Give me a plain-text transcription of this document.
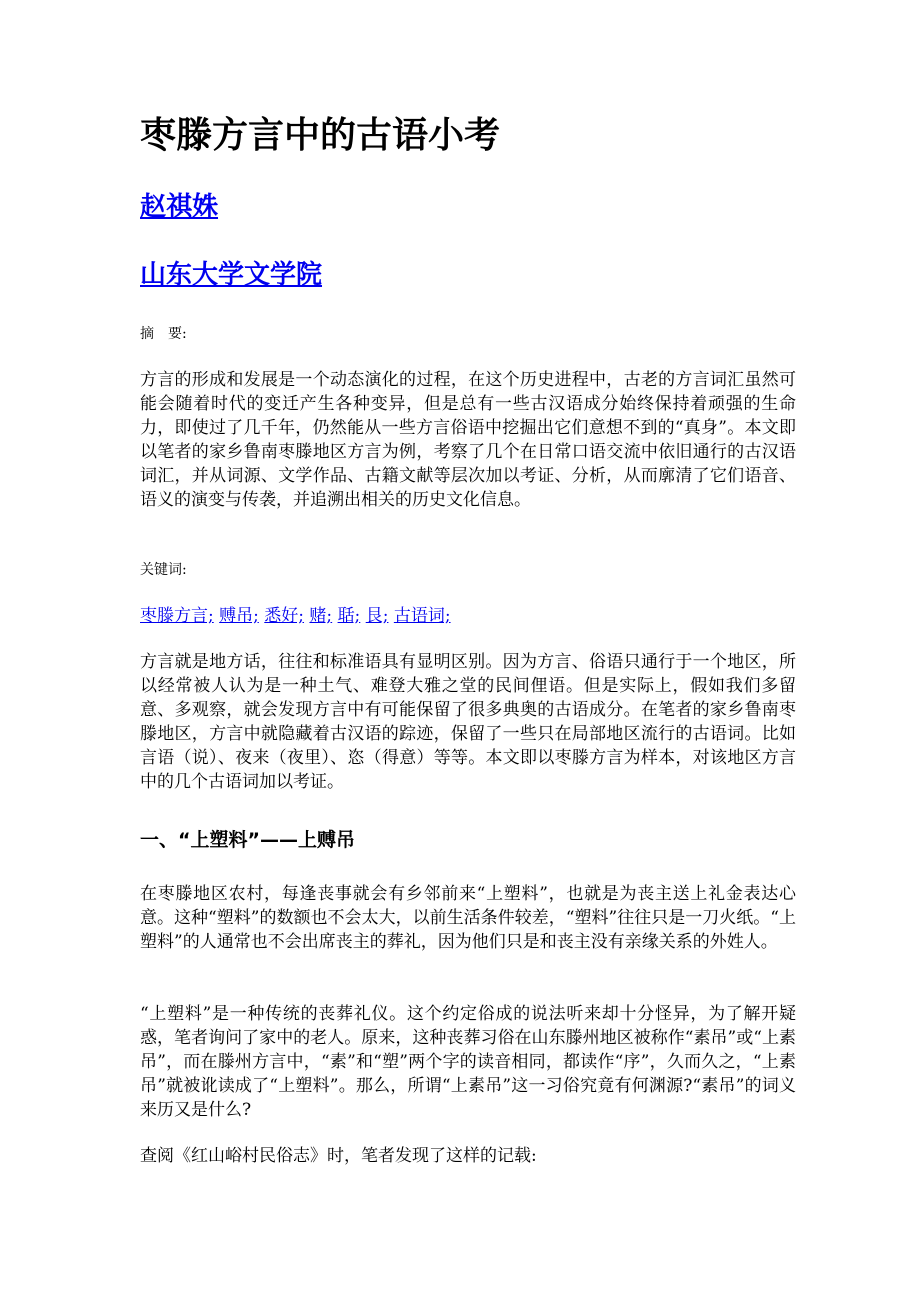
枣滕方言中的古语小考
赵祺姝
山东大学文学院
摘　要:

方言的形成和发展是一个动态演化的过程，在这个历史进程中，古老的方言词汇虽然可能会随着时代的变迁产生各种变异，但是总有一些古汉语成分始终保持着顽强的生命力，即使过了几千年，仍然能从一些方言俗语中挖掘出它们意想不到的“真身”。本文即以笔者的家乡鲁南枣滕地区方言为例，考察了几个在日常口语交流中依旧通行的古汉语词汇，并从词源、文学作品、古籍文献等层次加以考证、分析，从而廓清了它们语音、语义的演变与传袭，并追溯出相关的历史文化信息。

关键词:
枣滕方言; 赙吊; 悉好; 赌; 聒; 艮; 古语词;

方言就是地方话，往往和标准语具有显明区别。因为方言、俗语只通行于一个地区，所以经常被人认为是一种土气、难登大雅之堂的民间俚语。但是实际上，假如我们多留意、多观察，就会发现方言中有可能保留了很多典奥的古语成分。在笔者的家乡鲁南枣滕地区，方言中就隐藏着古汉语的踪迹，保留了一些只在局部地区流行的古语词。比如言语（说）、夜来（夜里）、恣（得意）等等。本文即以枣滕方言为样本，对该地区方言中的几个古语词加以考证。

一、“上塑料”——上赙吊

在枣滕地区农村，每逢丧事就会有乡邻前来“上塑料”，也就是为丧主送上礼金表达心意。这种“塑料”的数额也不会太大，以前生活条件较差，“塑料”往往只是一刀火纸。“上塑料”的人通常也不会出席丧主的葬礼，因为他们只是和丧主没有亲缘关系的外姓人。

“上塑料”是一种传统的丧葬礼仪。这个约定俗成的说法听来却十分怪异，为了解开疑惑，笔者询问了家中的老人。原来，这种丧葬习俗在山东滕州地区被称作“素吊”或“上素吊”，而在滕州方言中，“素”和“塑”两个字的读音相同，都读作“序”，久而久之，“上素吊”就被讹读成了“上塑料”。那么，所谓“上素吊”这一习俗究竟有何渊源?“素吊”的词义来历又是什么?

查阅《红山峪村民俗志》时，笔者发现了这样的记载:
